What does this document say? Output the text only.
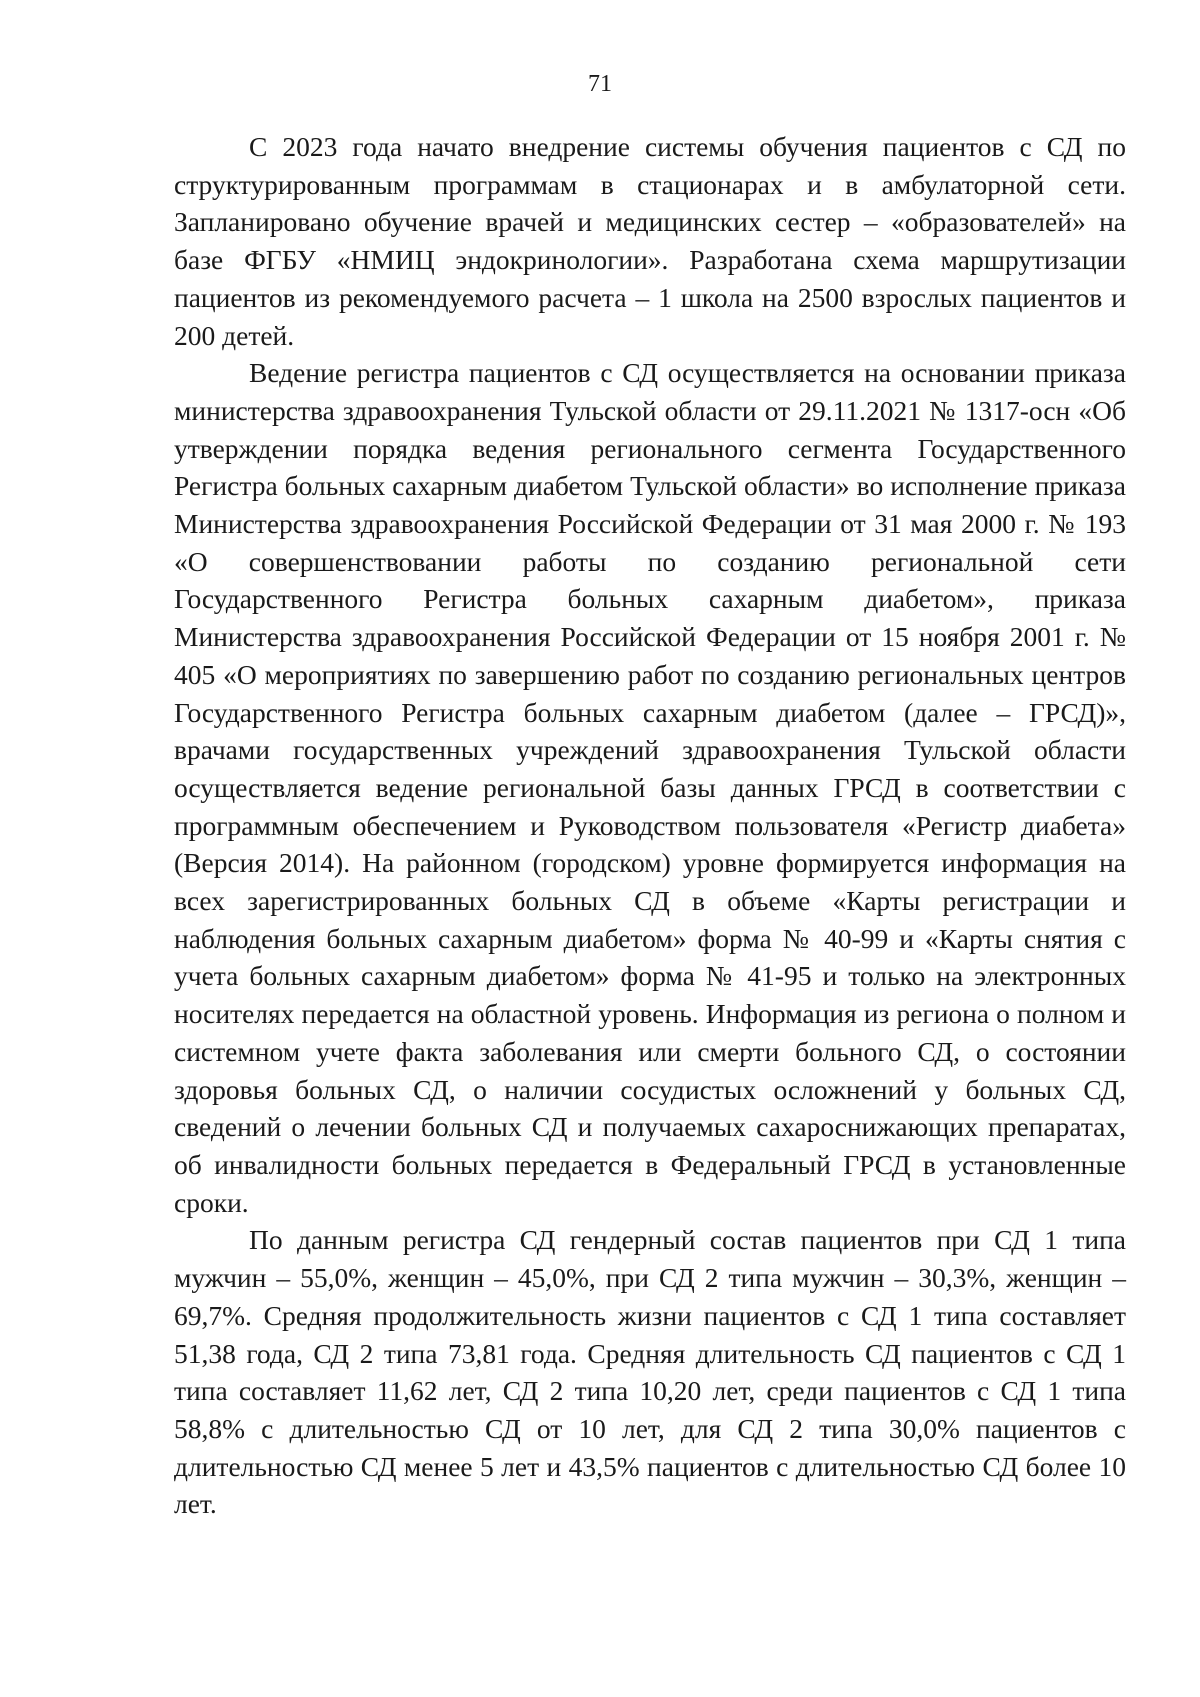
71

С 2023 года начато внедрение системы обучения пациентов с СД по структурированным программам в стационарах и в амбулаторной сети. Запланировано обучение врачей и медицинских сестер – «образователей» на базе ФГБУ «НМИЦ эндокринологии». Разработана схема маршрутизации пациентов из рекомендуемого расчета – 1 школа на 2500 взрослых пациентов и 200 детей.

Ведение регистра пациентов с СД осуществляется на основании приказа министерства здравоохранения Тульской области от 29.11.2021 № 1317-осн «Об утверждении порядка ведения регионального сегмента Государственного Регистра больных сахарным диабетом Тульской области» во исполнение приказа Министерства здравоохранения Российской Федерации от 31 мая 2000 г. № 193 «О совершенствовании работы по созданию региональной сети Государственного Регистра больных сахарным диабетом», приказа Министерства здравоохранения Российской Федерации от 15 ноября 2001 г. № 405 «О мероприятиях по завершению работ по созданию региональных центров Государственного Регистра больных сахарным диабетом (далее – ГРСД)», врачами государственных учреждений здравоохранения Тульской области осуществляется ведение региональной базы данных ГРСД в соответствии с программным обеспечением и Руководством пользователя «Регистр диабета» (Версия 2014). На районном (городском) уровне формируется информация на всех зарегистрированных больных СД в объеме «Карты регистрации и наблюдения больных сахарным диабетом» форма № 40-99 и «Карты снятия с учета больных сахарным диабетом» форма № 41-95 и только на электронных носителях передается на областной уровень. Информация из региона о полном и системном учете факта заболевания или смерти больного СД, о состоянии здоровья больных СД, о наличии сосудистых осложнений у больных СД, сведений о лечении больных СД и получаемых сахароснижающих препаратах, об инвалидности больных передается в Федеральный ГРСД в установленные сроки.

По данным регистра СД гендерный состав пациентов при СД 1 типа мужчин – 55,0%, женщин – 45,0%, при СД 2 типа мужчин – 30,3%, женщин – 69,7%. Средняя продолжительность жизни пациентов с СД 1 типа составляет 51,38 года, СД 2 типа 73,81 года. Средняя длительность СД пациентов с СД 1 типа составляет 11,62 лет, СД 2 типа 10,20 лет, среди пациентов с СД 1 типа 58,8% с длительностью СД от 10 лет, для СД 2 типа 30,0% пациентов с длительностью СД менее 5 лет и 43,5% пациентов с длительностью СД более 10 лет.
